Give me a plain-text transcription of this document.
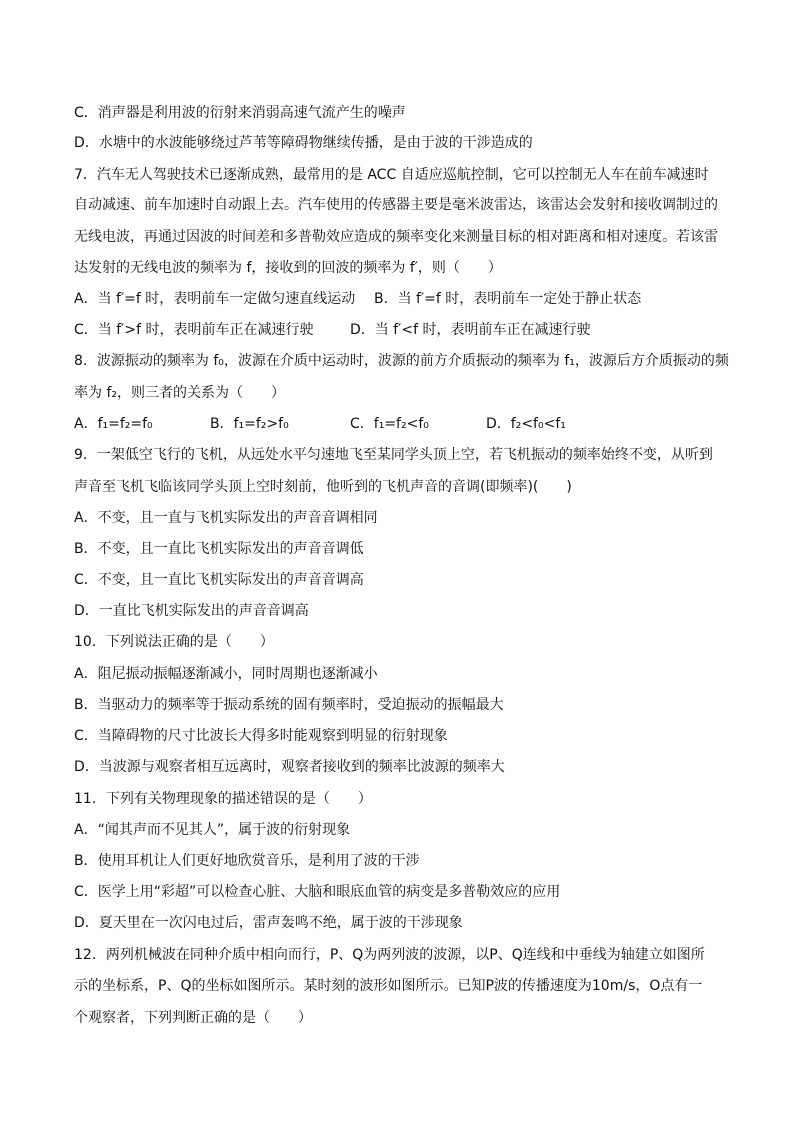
C．消声器是利用波的衍射来消弱高速气流产生的噪声
D．水塘中的水波能够绕过芦苇等障碍物继续传播，是由于波的干涉造成的
7．汽车无人驾驶技术已逐渐成熟，最常用的是 ACC 自适应巡航控制，它可以控制无人车在前车减速时
自动减速、前车加速时自动跟上去。汽车使用的传感器主要是毫米波雷达，该雷达会发射和接收调制过的
无线电波，再通过因波的时间差和多普勒效应造成的频率变化来测量目标的相对距离和相对速度。若该雷
达发射的无线电波的频率为 f，接收到的回波的频率为 f′，则（　　）

A．当 f′=f 时，表明前车一定做匀速直线运动

B．当 f′=f 时，表明前车一定处于静止状态

C．当 f′>f 时，表明前车正在减速行驶

	D．当 f′<f 时，表明前车正在减速行驶

8．波源振动的频率为 f₀，波源在介质中运动时，波源的前方介质振动的频率为 f₁，波源后方介质振动的频
率为 f₂，则三者的关系为（　　）

A．f₁=f₂=f₀

	B．f₁=f₂>f₀

	C．f₁=f₂<f₀

	D．f₂<f₀<f₁

9．一架低空飞行的飞机，从远处水平匀速地飞至某同学头顶上空，若飞机振动的频率始终不变，从听到
声音至飞机飞临该同学头顶上空时刻前，他听到的飞机声音的音调(即频率)(　　)
A．不变，且一直与飞机实际发出的声音音调相同
B．不变，且一直比飞机实际发出的声音音调低
C．不变，且一直比飞机实际发出的声音音调高
D．一直比飞机实际发出的声音音调高
10．下列说法正确的是（　　）
A．阻尼振动振幅逐渐减小，同时周期也逐渐减小
B．当驱动力的频率等于振动系统的固有频率时，受迫振动的振幅最大
C．当障碍物的尺寸比波长大得多时能观察到明显的衍射现象
D．当波源与观察者相互远离时，观察者接收到的频率比波源的频率大
11．下列有关物理现象的描述错误的是（　　）
A．“闻其声而不见其人”，属于波的衍射现象
B．使用耳机让人们更好地欣赏音乐，是利用了波的干涉
C．医学上用“彩超”可以检查心脏、大脑和眼底血管的病变是多普勒效应的应用
D．夏天里在一次闪电过后，雷声轰鸣不绝，属于波的干涉现象
12．两列机械波在同种介质中相向而行，P、Q为两列波的波源，以P、Q连线和中垂线为轴建立如图所
示的坐标系，P、Q的坐标如图所示。某时刻的波形如图所示。已知P波的传播速度为10m/s，O点有一
个观察者，下列判断正确的是（　　）
